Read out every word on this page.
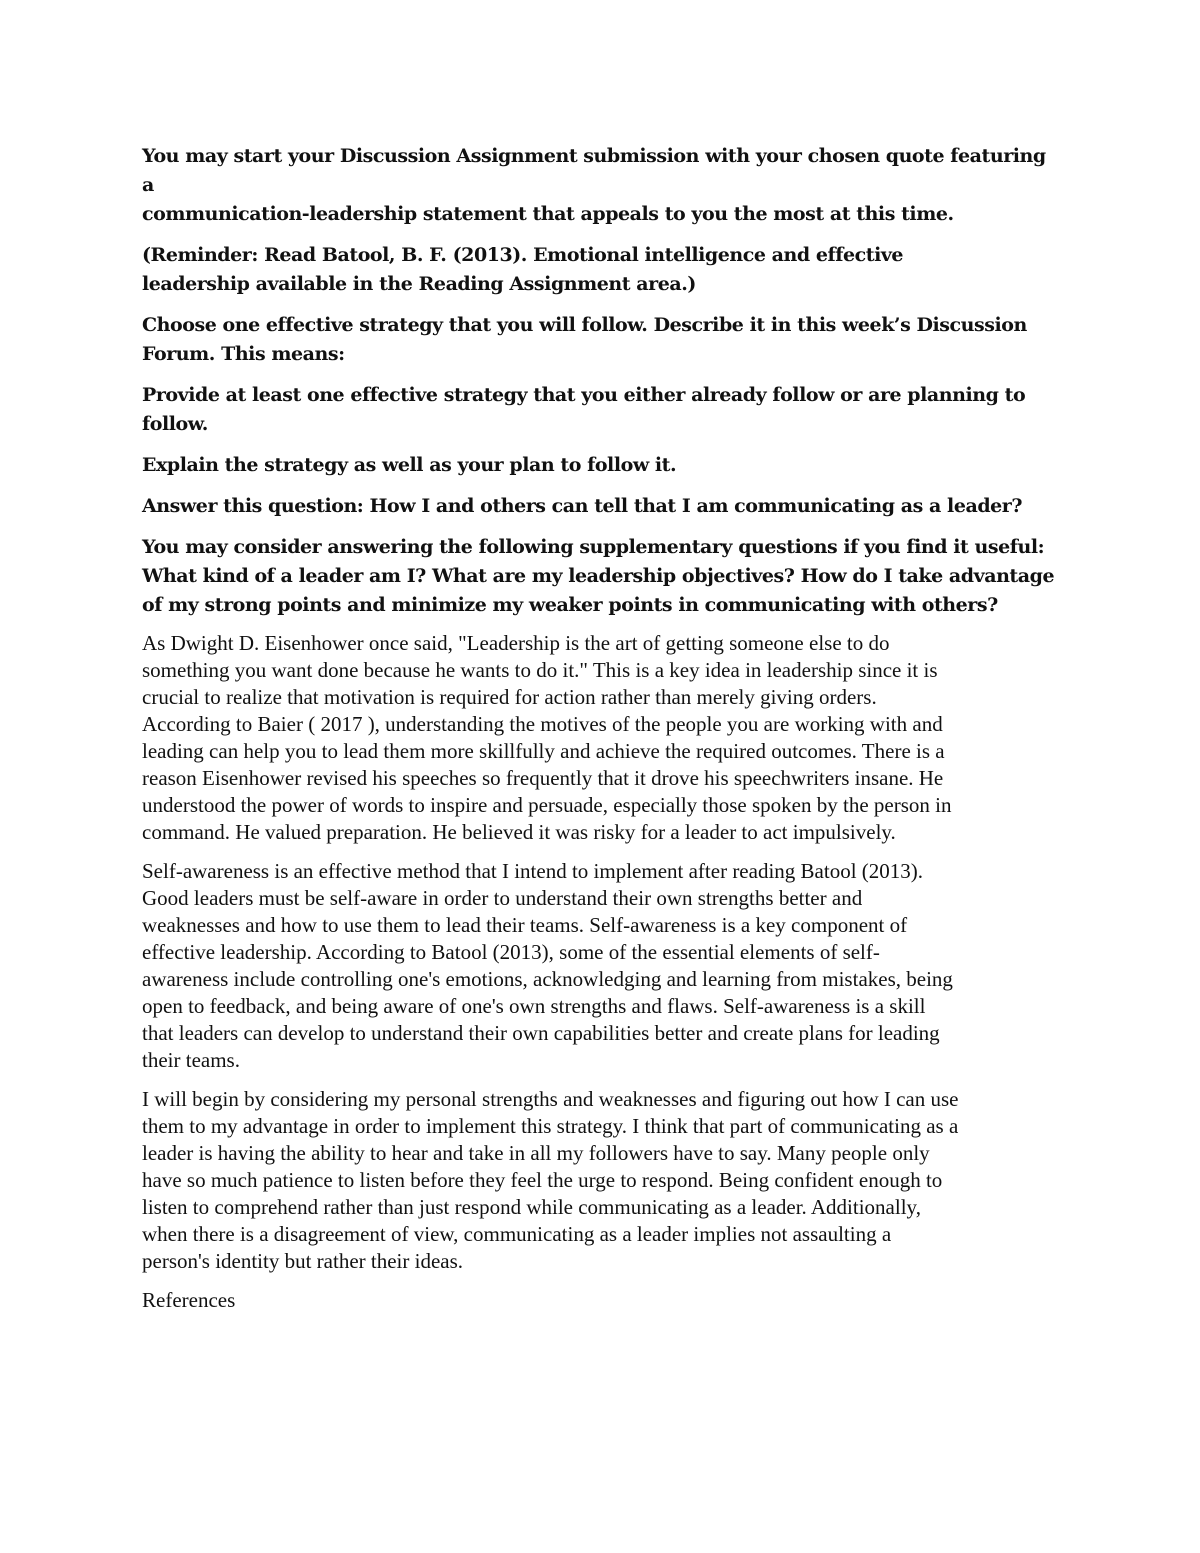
You may start your Discussion Assignment submission with your chosen quote featuring a
communication-leadership statement that appeals to you the most at this time.

(Reminder: Read Batool, B. F. (2013). Emotional intelligence and effective
leadership available in the Reading Assignment area.)

Choose one effective strategy that you will follow. Describe it in this week’s Discussion
Forum. This means:

Provide at least one effective strategy that you either already follow or are planning to
follow.

Explain the strategy as well as your plan to follow it.

Answer this question: How I and others can tell that I am communicating as a leader?

You may consider answering the following supplementary questions if you find it useful:
What kind of a leader am I? What are my leadership objectives? How do I take advantage
of my strong points and minimize my weaker points in communicating with others?

As Dwight D. Eisenhower once said, "Leadership is the art of getting someone else to do
something you want done because he wants to do it." This is a key idea in leadership since it is
crucial to realize that motivation is required for action rather than merely giving orders.
According to Baier ( 2017 ), understanding the motives of the people you are working with and
leading can help you to lead them more skillfully and achieve the required outcomes. There is a
reason Eisenhower revised his speeches so frequently that it drove his speechwriters insane. He
understood the power of words to inspire and persuade, especially those spoken by the person in
command. He valued preparation. He believed it was risky for a leader to act impulsively.

Self-awareness is an effective method that I intend to implement after reading Batool (2013).
Good leaders must be self-aware in order to understand their own strengths better and
weaknesses and how to use them to lead their teams. Self-awareness is a key component of
effective leadership. According to Batool (2013), some of the essential elements of self-
awareness include controlling one's emotions, acknowledging and learning from mistakes, being
open to feedback, and being aware of one's own strengths and flaws. Self-awareness is a skill
that leaders can develop to understand their own capabilities better and create plans for leading
their teams.

I will begin by considering my personal strengths and weaknesses and figuring out how I can use
them to my advantage in order to implement this strategy. I think that part of communicating as a
leader is having the ability to hear and take in all my followers have to say. Many people only
have so much patience to listen before they feel the urge to respond. Being confident enough to
listen to comprehend rather than just respond while communicating as a leader. Additionally,
when there is a disagreement of view, communicating as a leader implies not assaulting a
person's identity but rather their ideas.

References
